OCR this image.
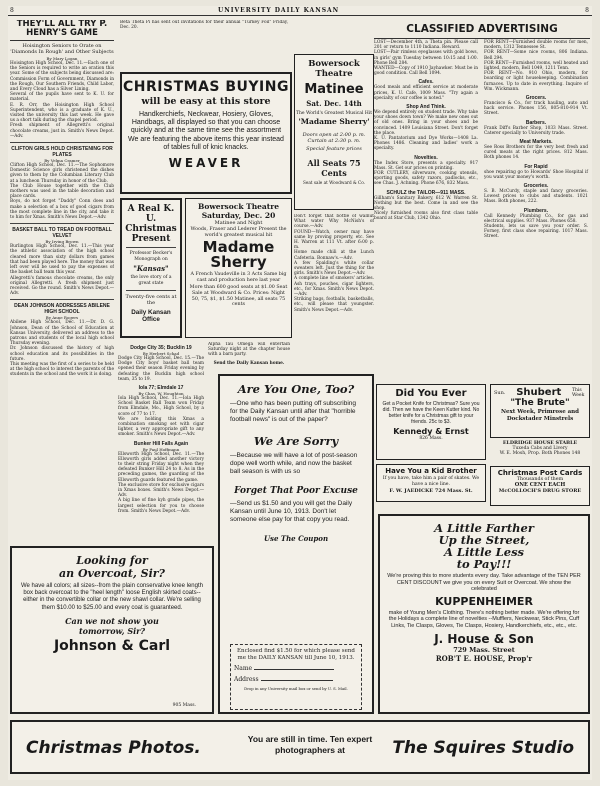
8	UNIVERSITY DAILY KANSAN	8
THEY'LL ALL TRY P. HENRY'S GAME
Hoisington Seniors to Orate on 'Diamonds In Rough' and Other Subjects
By Mary Logan

Hoisington High School, Dec. 11.—Each one of the Seniors is required to write an oration this year. Some of the subjects being discussed are: Commission Form of Government, Diamonds in the Rough, Our Southern Friends, Child Labor, and Every Cloud has a Silver Lining.

Several of the pupils have sent to K. U. for material.

E. R. Orr, the Hoisington High School Superintendent, who is a graduate of K. U., visited the university this last week. He gave us a short talk during the chapel period.

Fresh shipment of Allegretti's original chocolate creams, just in. Smith's News Depot.—Adv.

CLIFTON GIRLS HOLD CHRISTENING FOR PLATES
By Velma Cramer

Clifton High School, Dec. 11.—The Sophomore Domestic Science girls christened the dishes given to them by the Columbian Literary Club at a luncheon Thursday in honor of the Club.

The Club House together with the Club mothers was used in the table decoration and place cards.

Boys, do not forget "Daddy" Conn does and make a selection of a box of good cigars from the most complete line in the city, and take it to him for Xmas. Smith's News Depot.—Adv.

BASKET BALL TO TREAD ON FOOTBALL VELVET
By Irving Brown

Burlington High School, Dec. 11.—This year the athletic association of the high school cleared more than sixty dollars from games that had been played here. The money that was left over will be used to pay the expenses of the basket ball team this year.

Allegretti's famous chocolate creams, the only original Allegretti. A fresh shipment just received. Go the round. Smith's News Depot.—Adv.

DEAN JOHNSON ADDRESSES ABILENE HIGH SCHOOL
By Anne Rogers

Abilene High School, Dec. 11.—Dr. D. G. Johnson, Dean of the School of Education at Kansas University, delivered an address to the patrons and students of the local high school Thursday evening.

Dr. Johnson discussed the history of high school education and its possibilities in the future.

This meeting was the first of a series to be held at the high school to interest the parents of the students in the school and the work it is doing.

CHRISTMAS BUYING
will be easy at this store
Handkerchiefs, Neckwear, Hosiery, Gloves, Handbags, all displayed so that you can choose quickly and at the same time see the assortment We are featuring the above items this year instead of tables full of knic knacks.
WEAVER
A Real K. U. Christmas Present
Professor Becker's Monograph on
"Kansas"
the love story of a great state
Twenty-five cents at the
Daily Kansan Office
Bowersock Theatre
Saturday, Dec. 20
Matinee and Night
Woods, Fraser and Lederer Present the world's greatest musical hit
Madame Sherry
A French Vaudeville in 3 Acts Same big cast and production here last year
More than 600 good seats at $1.00 Seat Sale at Woodward & Co. Prices: Night 50, 75, $1, $1.50 Matinee, all seats 75 cents
Dodge City 35; Bucklin 19
By Herbert Schad

Dodge City High School, Dec. 15.—The Dodge City boys' basket ball team opened their season Friday evening by defeating the Bucklin high school team, 35 to 19.

Iola 77; Elmdale 17
By Chas. W. Houghton

Iola High School, Dec. 11.—Iola High School Basket Ball Team won Friday from Elmdale, Mo., High School, by a score of 77 to 17.

We are holding this Xmas a combination smoking set with cigar lighter, a very appropriate gift to any smoker. Smith's News Depot.—Adv.

Bunker Hill Falls Again
By Paul Hoffmann

Ellsworth High School, Dec. 11.—The Ellsworth girls added another victory to their string Friday night when they defeated Bunker Hill 24 to 8. As in the preceding games, the guarding of the Ellsworth guards featured the game.

The exclusive store for exclusive cigars in Xmas boxes. Smith's News Depot.—Adv.

A big line of fine kyh grade pipes, the largest selection for you to choose from. Smith's News Depot.—Adv.

Beta Theta Pi has sent out invitations for their annual "Turkey Foil" Friday, Dec. 20.

Alpha Tau Omega will entertain Saturday night at the chapter house with a barn party.

Send the Daily Kansan home.

Bowersock Theatre
Matinee
Sat. Dec. 14th
The World's Greatest Musical Hit
'Madame Sherry'
Doors open at 2:00 p. m. Curtain at 2:30 p. m.
Special feature prices
All Seats 75 Cents
Seat sale at Woodward & Co.

Don't forget that bottle of walnut What water Why McNish's of course.—Adv.

FOUND—Watch, owner may have same by proving property, etc. See H. Warren at 111 Vt. after 6:00 p. m.

Home made chili at the Lunch Cafeteria. Bonnaw's.—Adv.

A few Spalding's white collar sweaters left. Just the thing for the girls. Smith's News Depot.—Adv.

A complete line of smokers' articles. Ash trays, pouches, cigar lighters, etc., for Xmas. Smith's News Depot.—Adv.

Striking bags, footballs, basketballs, etc., will please that youngster. Smith's News Depot.—Adv.

Are You One, Too?
—One who has been putting off subscribing for the Daily Kansan until after that "horrible football news" is out of the paper?
We Are Sorry
—Because we will have a lot of post-season dope well worth while, and now the basket ball season is with us so
Forget That Poor Excuse
—Send us $1.50 and you will get the Daily Kansan until June 10, 1913. Don't let someone else pay for that copy you read.
Use The Coupon
Enclosed find $1.50 for which please send me the DAILY KANSAN till June 10, 1913.
Name
Address
Drop in any University mail box or send by U. S. Mail.
Looking for
an Overcoat, Sir?
We have all colors; all sizes--from the plain conservative knee length box back overcoat to the "heel length" loose English skirted coats--either in the convertible collar or the new shawl collar. We're selling them $10.00 to $25.00 and every coat is guaranteed.
Can we not show you
tomorrow, Sir?
Johnson & Carl
905 Mass.
CLASSIFIED ADVERTISING

LOST—December 4th, a Theta pin. Please call 201 or return to 1110 Indiana. Reward.

LOST—Pair rimless eyeglasses with gold bows, in girls' gym Tuesday between 10:15 and 1:00. Phone Bell 284.

WANTED—Copy of 1910 Jayhawker. Must be in good condition. Call Bell 1094.

Cafes.

Good meals and efficient service at moderate prices, K. U. Cafe, 1009 Mass. "Try again a specialty of our coffee is noted."

Shop And Think.

We depend entirely on student trade. Why take your shoes down town? We make new ones out of old ones. Bring in your shoes and be convinced. 1409 Louisiana Street. Don't forget the place.

K. U. Pantatorium and Dye Works—1408 La. Phones 1486. Cleaning and ladies' work a specialty.

Novelties.

The Index Store, presents a specialty. 917 Mass. St. Get our prices on printing.

FOR CUTLERY, silverware, cooking utensils, sporting goods, safety razors, padlocks, etc., see Chas. J. Achning. Phone 676, 832 Mass.

SCHULZ the TAILOR—911 MASS.

Gillham's Sanitary Bakery, 612 W. Warren St. Nothing but the best. Come in and see the shop.

Nicely furnished rooms also first class table board at Star Club, 1342 Ohio.

FOR RENT—Furnished double rooms for men, modern, 1312 Tennessee St.

FOR RENT—Some nice rooms, 806 Indiana. Bell 294.

FOR RENT—Furnished rooms, well heated and lighted, modern, Bell 1049, 1211 Tenn.

FOR RENT—No. 910 Ohio, modern, for boarding or light housekeeping. Combination furnaces. Up to date in everything. Inquire of Wm. Wickmann.

Grocers.

Francisco & Co., for track hauling, auto and hack service. Phones 156, 805-810-914 Vt. Street.

Barbers.

Frank Diff's Barber Shop, 1033 Mass. Street. Caterer specially to University trade.

Meat Markets.

See Ross Brothers for the very best fresh and cured meats at the right prices. 812 Mass. Both phones 14.

For Rapid

shoe repairing go to Howards' Shoe Hospital if you want your money's worth.

Groceries.

S. B. McCurdy, staple and fancy groceries. Lowest prices to clubs and students. 1021 Mass. Both phones, 222.

Plumbers.

Call Kennedy Plumbing Co., for gas and electrical supplies. 937 Mass. Phones 658.

Students, lets us save you your order. S. Forney, first class shoe repairing. 1017 Mass. Street.

Did You Ever
Get a Pocket Knife for Christmas? Sure you did. Then we have the Keen Kutter kind. No better knife for a Christmas gift to your friends. 25c to $3.
Kennedy & Ernst
826 Mass.
Sun. Shubert This Week
"The Brute"
Next Week, Primrose and Dockstader Minstrels
ELDRIDGE HOUSE STABLE
Tuxeda Cabs and Livery
W. E. Mosh, Prop. Both Phones 148
Have You a Kid Brother
If you have, take him a pair of skates. We have a nice line.
F. W. JAEDICKE 724 Mass. St.
Christmas Post Cards
Thousands of them
ONE CENT EACH
McCOLLOCH'S DRUG STORE
A Little Farther
Up the Street,
A Little Less
to Pay!!!
We're proving this to more students every day. Take advantage of the TEN PER CENT DISCOUNT we give you on every Suit or Overcoat. We show the celebrated
KUPPENHEIMER
make of Young Men's Clothing. There's nothing better made. We're offering for the Holidays a complete line of novelties --Mufflers, Neckwear, Stick Pins, Cuff Links, Tie Clasps, Gloves, Tie Clasps, Hosiery, Handkerchiefs, etc., etc., etc.
J. House & Son
729 Mass. Street
ROB'T E. HOUSE, Prop'r
Christmas Photos.	You are still in time. Ten expert photographers at	The Squires Studio
